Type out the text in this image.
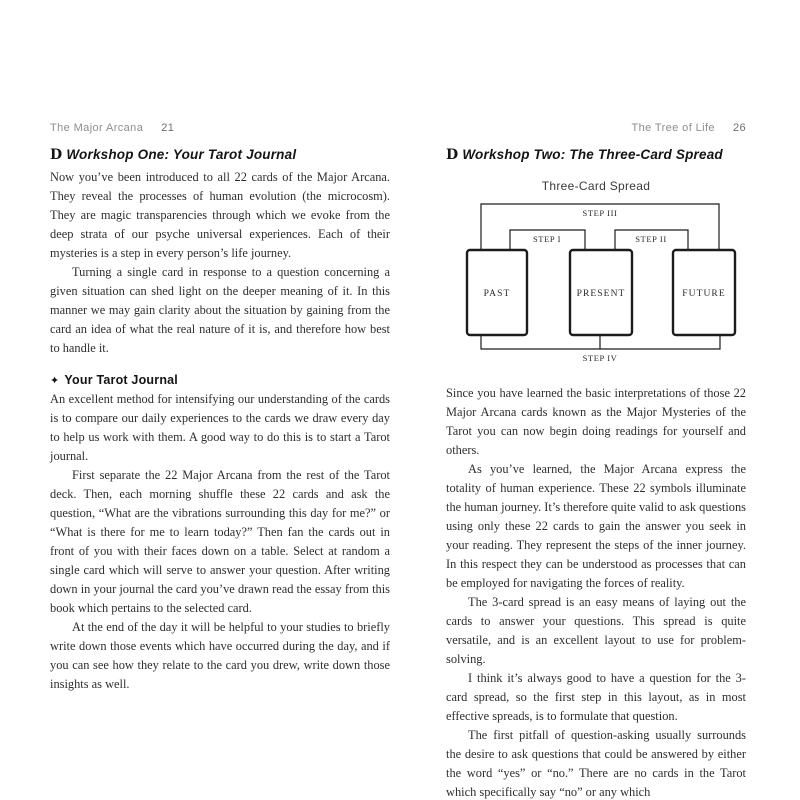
The Major Arcana 21
D Workshop One: Your Tarot Journal

Now you’ve been introduced to all 22 cards of the Major Arcana. They reveal the processes of human evolution (the microcosm). They are magic transparencies through which we evoke from the deep strata of our psyche universal experiences. Each of their mysteries is a step in every person’s life journey.

Turning a single card in response to a question concerning a given situation can shed light on the deeper meaning of it. In this manner we may gain clarity about the situation by gaining from the card an idea of what the real nature of it is, and therefore how best to handle it.

✦ Your Tarot Journal

An excellent method for intensifying our understanding of the cards is to compare our daily experiences to the cards we draw every day to help us work with them. A good way to do this is to start a Tarot journal.

First separate the 22 Major Arcana from the rest of the Tarot deck. Then, each morning shuffle these 22 cards and ask the question, “What are the vibrations surrounding this day for me?” or “What is there for me to learn today?” Then fan the cards out in front of you with their faces down on a table. Select at random a single card which will serve to answer your question. After writing down in your journal the card you’ve drawn read the essay from this book which pertains to the selected card.

At the end of the day it will be helpful to your studies to briefly write down those events which have occurred during the day, and if you can see how they relate to the card you drew, write down those insights as well.

The Tree of Life 26
D Workshop Two: The Three-Card Spread
Three-Card Spread
STEP III
STEP I	STEP II
PAST	PRESENT	FUTURE
STEP IV

Since you have learned the basic interpretations of those 22 Major Arcana cards known as the Major Mysteries of the Tarot you can now begin doing readings for yourself and others.

As you’ve learned, the Major Arcana express the totality of human experience. These 22 symbols illuminate the human journey. It’s therefore quite valid to ask questions using only these 22 cards to gain the answer you seek in your reading. They represent the steps of the inner journey. In this respect they can be understood as processes that can be employed for navigating the forces of reality.

The 3-card spread is an easy means of laying out the cards to answer your questions. This spread is quite versatile, and is an excellent layout to use for problem-solving.

I think it’s always good to have a question for the 3-card spread, so the first step in this layout, as in most effective spreads, is to formulate that question.

The first pitfall of question-asking usually surrounds the desire to ask questions that could be answered by either the word “yes” or “no.” There are no cards in the Tarot which specifically say “no” or any which
